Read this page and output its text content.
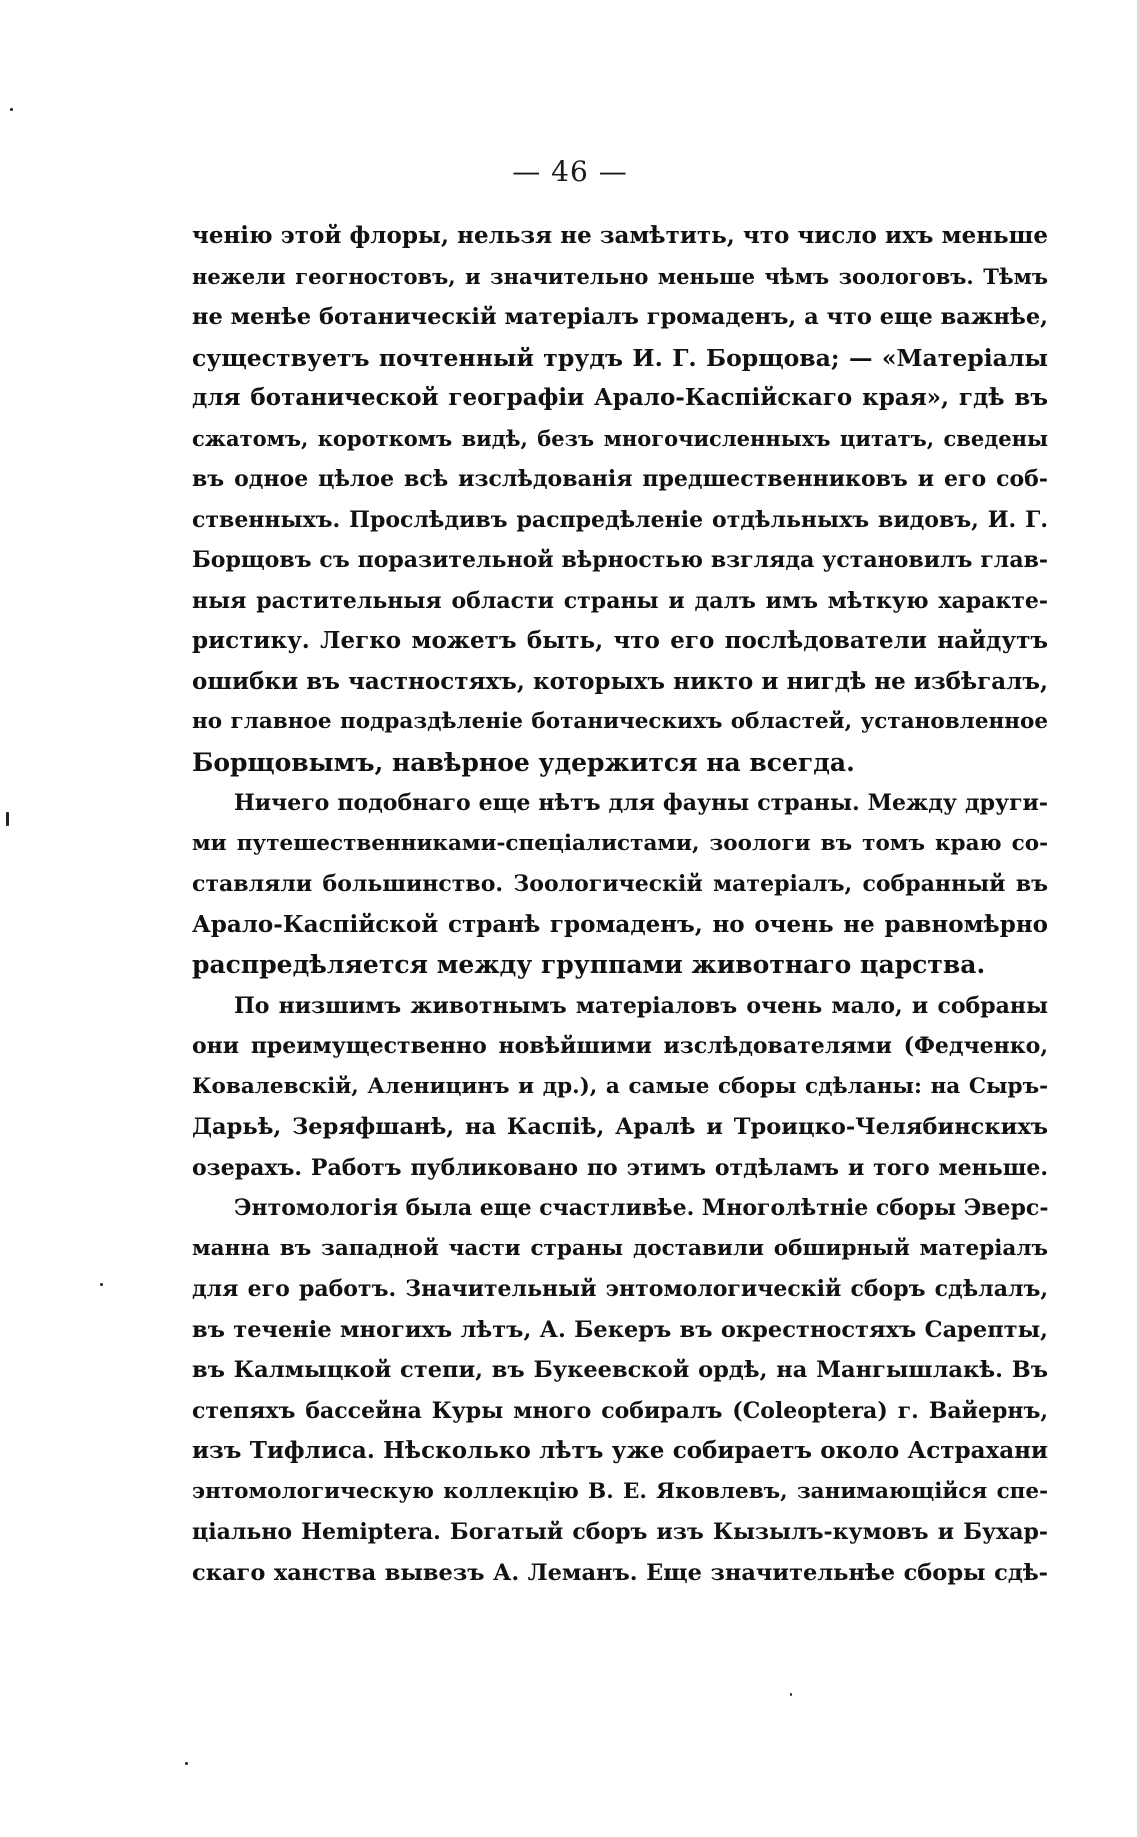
— 46 —
ченію этой флоры, нельзя не замѣтить, что число ихъ меньше
нежели геогностовъ, и значительно меньше чѣмъ зоологовъ. Тѣмъ
не менѣе ботаническій матеріалъ громаденъ, а что еще важнѣе,
существуетъ почтенный трудъ И. Г. Борщова; — «Матеріалы
для ботанической географіи Арало-Каспійскаго края», гдѣ въ
сжатомъ, короткомъ видѣ, безъ многочисленныхъ цитатъ, сведены
въ одное цѣлое всѣ изслѣдованія предшественниковъ и его соб-
ственныхъ. Прослѣдивъ распредѣленіе отдѣльныхъ видовъ, И. Г.
Борщовъ съ поразительной вѣрностью взгляда установилъ глав-
ныя растительныя области страны и далъ имъ мѣткую характе-
ристику. Легко можетъ быть, что его послѣдователи найдутъ
ошибки въ частностяхъ, которыхъ никто и нигдѣ не избѣгалъ,
но главное подраздѣленіе ботаническихъ областей, установленное
Борщовымъ, навѣрное удержится на всегда.
Ничего подобнаго еще нѣтъ для фауны страны. Между други-
ми путешественниками-спеціалистами, зоологи въ томъ краю со-
ставляли большинство. Зоологическій матеріалъ, собранный въ
Арало-Каспійской странѣ громаденъ, но очень не равномѣрно
распредѣляется между группами животнаго царства.
По низшимъ животнымъ матеріаловъ очень мало, и собраны
они преимущественно новѣйшими изслѣдователями (Федченко,
Ковалевскій, Аленицинъ и др.), а самые сборы сдѣланы: на Сыръ-
Дарьѣ, Зеряфшанѣ, на Каспіѣ, Аралѣ и Троицко-Челябинскихъ
озерахъ. Работъ публиковано по этимъ отдѣламъ и того меньше.
Энтомологія была еще счастливѣе. Многолѣтніе сборы Эверс-
манна въ западной части страны доставили обширный матеріалъ
для его работъ. Значительный энтомологическій сборъ сдѣлалъ,
въ теченіе многихъ лѣтъ, А. Бекеръ въ окрестностяхъ Сарепты,
въ Калмыцкой степи, въ Букеевской ордѣ, на Мангышлакѣ. Въ
степяхъ бассейна Куры много собиралъ (Coleoptera) г. Вайернъ,
изъ Тифлиса. Нѣсколько лѣтъ уже собираетъ около Астрахани
энтомологическую коллекцію В. Е. Яковлевъ, занимающійся спе-
ціально Hemiptera. Богатый сборъ изъ Кызылъ-кумовъ и Бухар-
скаго ханства вывезъ А. Леманъ. Еще значительнѣе сборы сдѣ-
